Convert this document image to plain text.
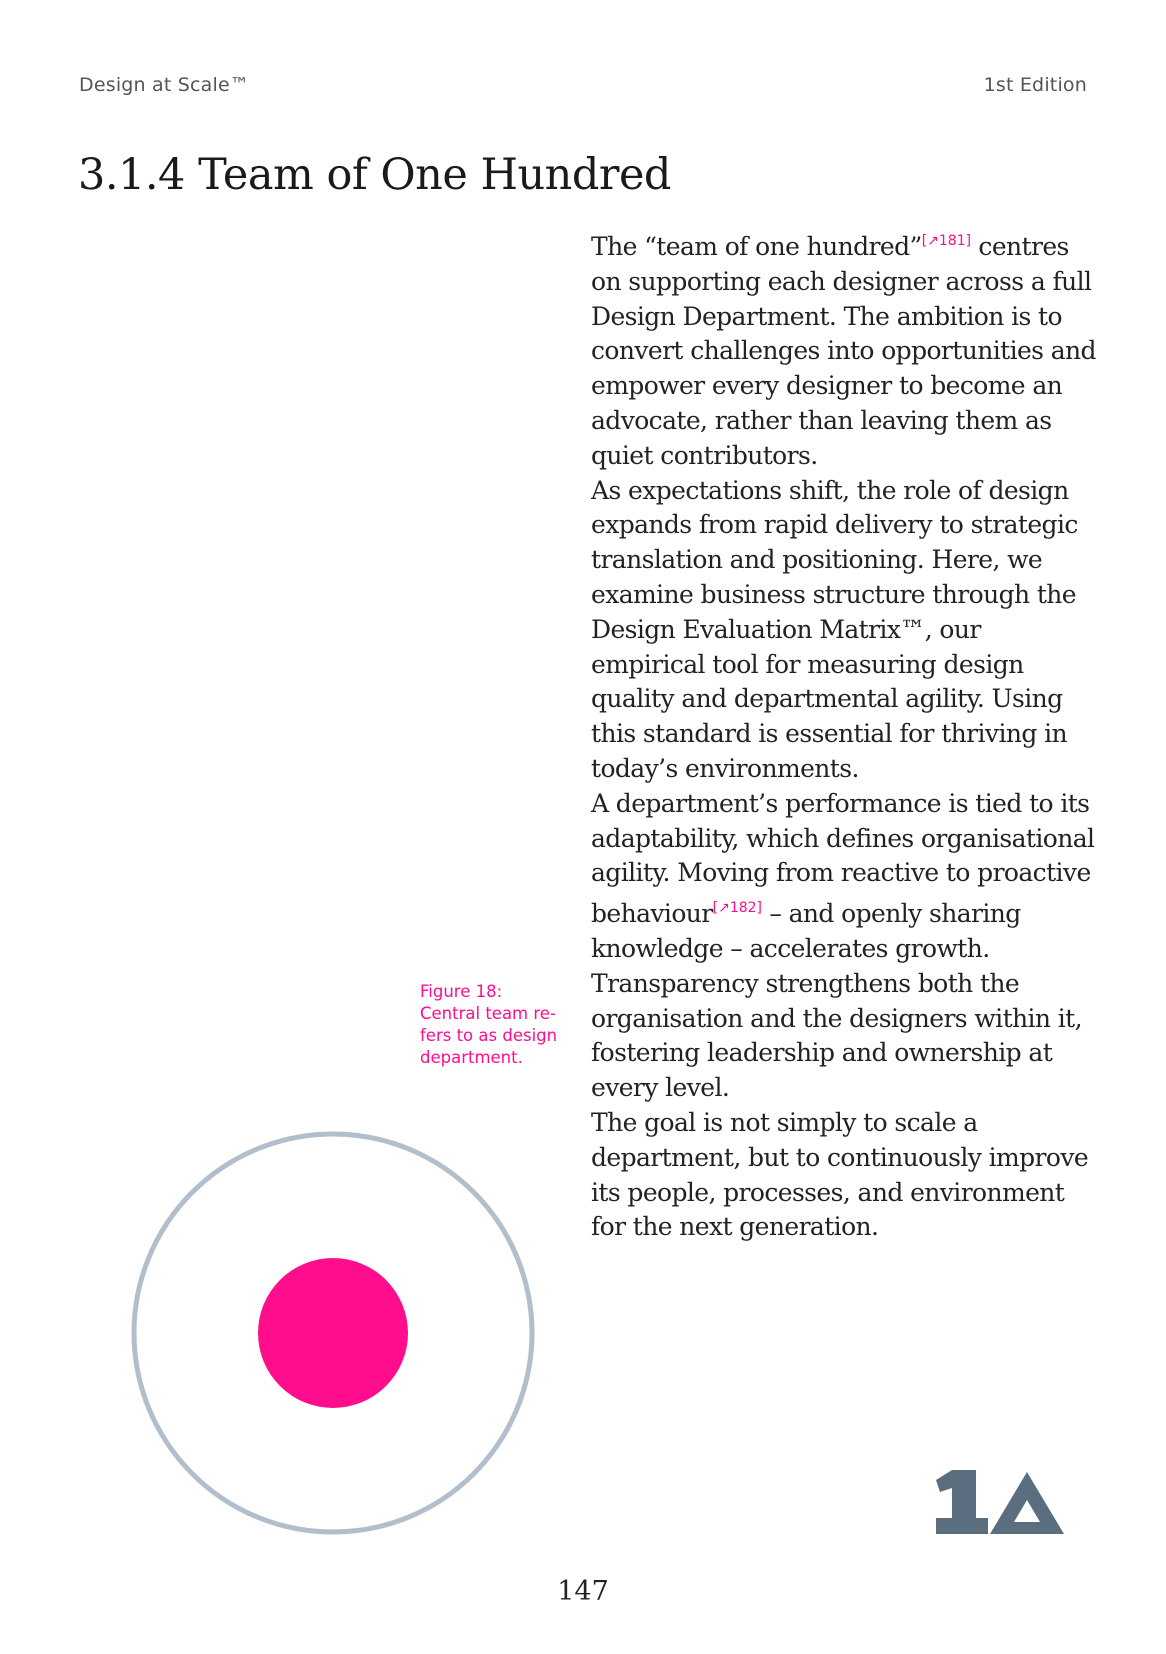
Design at Scale™	1st Edition
3.1.4 Team of One Hundred

The “team of one hundred”[↗181] centres on supporting each designer across a full Design Department. The ambition is to convert challenges into opportunities and empower every designer to become an advocate, rather than leaving them as quiet contributors.

As expectations shift, the role of design expands from rapid delivery to strategic translation and positioning. Here, we examine business structure through the Design Evaluation Matrix™, our empirical tool for measuring design quality and departmental agility. Using this standard is essential for thriving in today’s environments.

A department’s performance is tied to its adaptability, which defines organisational agility. Moving from reactive to proactive behaviour[↗182] – and openly sharing knowledge – accelerates growth. Transparency strengthens both the organisation and the designers within it, fostering leadership and ownership at every level.

The goal is not simply to scale a department, but to continuously improve its people, processes, and environment for the next generation.

Figure 18:
Central team re-
fers to as design
department.
147
